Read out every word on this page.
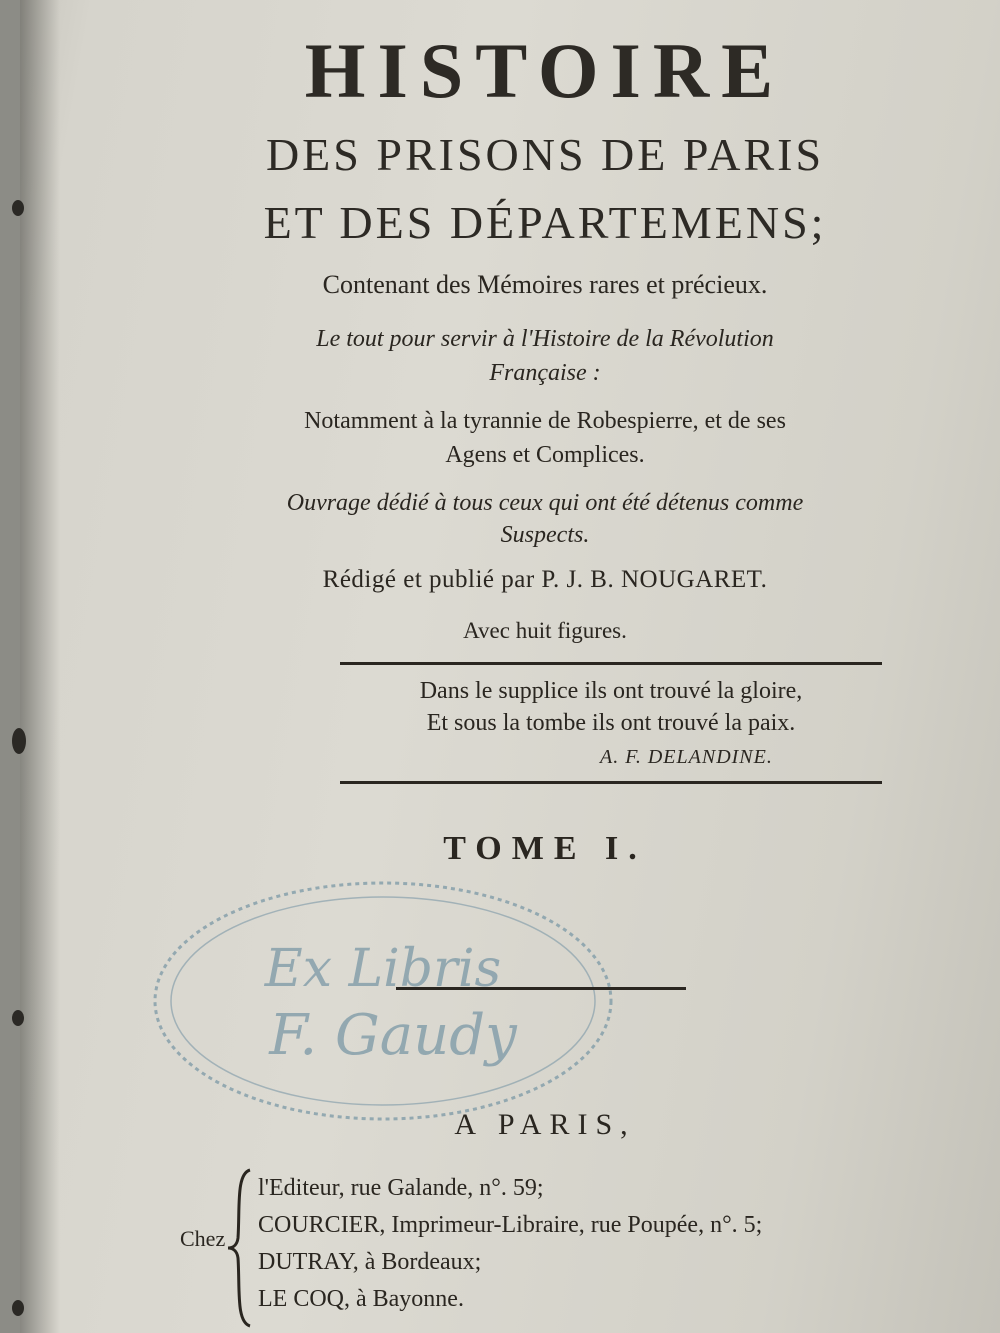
HISTOIRE
DES PRISONS DE PARIS
ET DES DÉPARTEMENS;
Contenant des Mémoires rares et précieux.
Le tout pour servir à l'Histoire de la Révolution
Française :
Notamment à la tyrannie de Robespierre, et de ses
Agens et Complices.
Ouvrage dédié à tous ceux qui ont été détenus comme
Suspects.
Rédigé et publié par P. J. B. NOUGARET.
Avec huit figures.
Dans le supplice ils ont trouvé la gloire,
Et sous la tombe ils ont trouvé la paix.
A. F. DELANDINE.
TOME I.
Ex Libris
F. Gaudy
A PARIS,
Chez
l'Editeur, rue Galande, n°. 59;
COURCIER, Imprimeur-Libraire, rue Poupée, n°. 5;
DUTRAY, à Bordeaux;
LE COQ, à Bayonne.
